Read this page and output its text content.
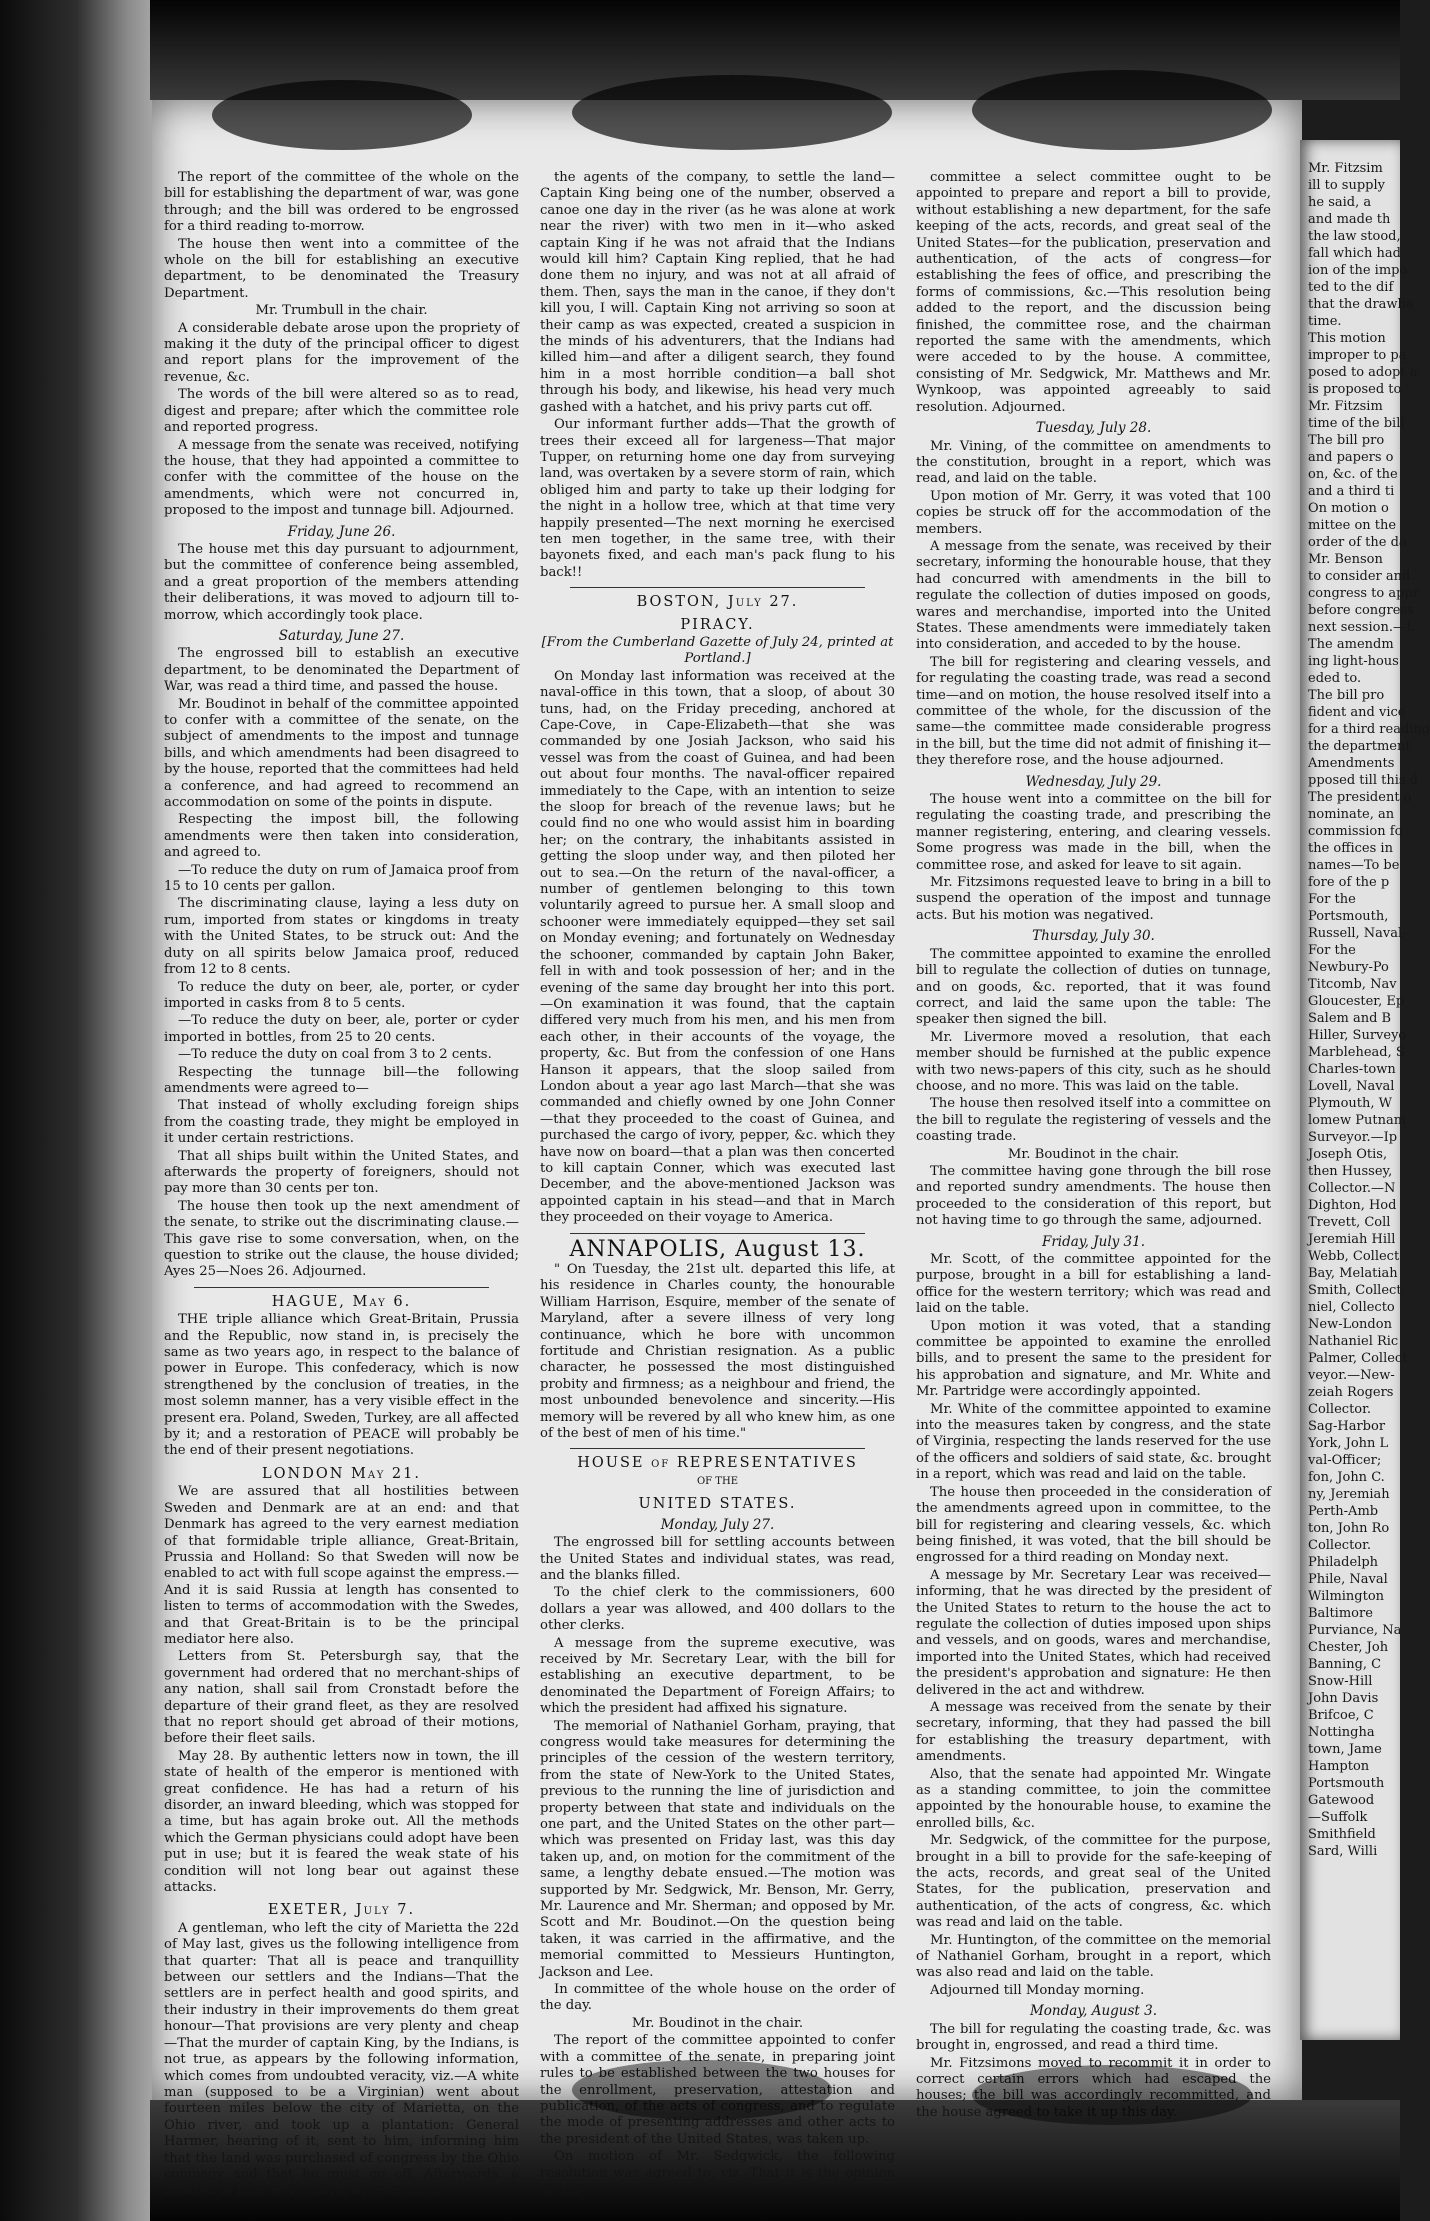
The report of the committee of the whole on the bill for establishing the department of war, was gone through; and the bill was ordered to be engrossed for a third reading to-morrow.

The house then went into a committee of the whole on the bill for establishing an executive department, to be denominated the Treasury Department.

Mr. Trumbull in the chair.

A considerable debate arose upon the propriety of making it the duty of the principal officer to digest and report plans for the improvement of the revenue, &c.

The words of the bill were altered so as to read, digest and prepare; after which the committee role and reported progress.

A message from the senate was received, notifying the house, that they had appointed a committee to confer with the committee of the house on the amendments, which were not concurred in, proposed to the impost and tunnage bill. Adjourned.

Friday, June 26.

The house met this day pursuant to adjournment, but the committee of conference being assembled, and a great proportion of the members attending their deliberations, it was moved to adjourn till to-morrow, which accordingly took place.

Saturday, June 27.

The engrossed bill to establish an executive department, to be denominated the Department of War, was read a third time, and passed the house.

Mr. Boudinot in behalf of the committee appointed to confer with a committee of the senate, on the subject of amendments to the impost and tunnage bills, and which amendments had been disagreed to by the house, reported that the committees had held a conference, and had agreed to recommend an accommodation on some of the points in dispute.

Respecting the impost bill, the following amendments were then taken into consideration, and agreed to.

—To reduce the duty on rum of Jamaica proof from 15 to 10 cents per gallon.

The discriminating clause, laying a less duty on rum, imported from states or kingdoms in treaty with the United States, to be struck out: And the duty on all spirits below Jamaica proof, reduced from 12 to 8 cents.

To reduce the duty on beer, ale, porter, or cyder imported in casks from 8 to 5 cents.

—To reduce the duty on beer, ale, porter or cyder imported in bottles, from 25 to 20 cents.

—To reduce the duty on coal from 3 to 2 cents.

Respecting the tunnage bill—the following amendments were agreed to—

That instead of wholly excluding foreign ships from the coasting trade, they might be employed in it under certain restrictions.

That all ships built within the United States, and afterwards the property of foreigners, should not pay more than 30 cents per ton.

The house then took up the next amendment of the senate, to strike out the discriminating clause.—This gave rise to some conversation, when, on the question to strike out the clause, the house divided; Ayes 25—Noes 26. Adjourned.

HAGUE, May 6.

THE triple alliance which Great-Britain, Prussia and the Republic, now stand in, is precisely the same as two years ago, in respect to the balance of power in Europe. This confederacy, which is now strengthened by the conclusion of treaties, in the most solemn manner, has a very visible effect in the present era. Poland, Sweden, Turkey, are all affected by it; and a restoration of PEACE will probably be the end of their present negotiations.

LONDON May 21.

We are assured that all hostilities between Sweden and Denmark are at an end: and that Denmark has agreed to the very earnest mediation of that formidable triple alliance, Great-Britain, Prussia and Holland: So that Sweden will now be enabled to act with full scope against the empress.—And it is said Russia at length has consented to listen to terms of accommodation with the Swedes, and that Great-Britain is to be the principal mediator here also.

Letters from St. Petersburgh say, that the government had ordered that no merchant-ships of any nation, shall sail from Cronstadt before the departure of their grand fleet, as they are resolved that no report should get abroad of their motions, before their fleet sails.

May 28. By authentic letters now in town, the ill state of health of the emperor is mentioned with great confidence. He has had a return of his disorder, an inward bleeding, which was stopped for a time, but has again broke out. All the methods which the German physicians could adopt have been put in use; but it is feared the weak state of his condition will not long bear out against these attacks.

EXETER, July 7.

A gentleman, who left the city of Marietta the 22d of May last, gives us the following intelligence from that quarter: That all is peace and tranquillity between our settlers and the Indians—That the settlers are in perfect health and good spirits, and their industry in their improvements do them great honour—That provisions are very plenty and cheap—That the murder of captain King, by the Indians, is not true, as appears by the following information, which comes from undoubted veracity, viz.—A white man (supposed to be a Virginian) went about fourteen miles below the city of Marietta, on the Ohio river, and took up a plantation: General Harmer, hearing of it, sent to him, informing him that the land was purchased of congress by the Ohio company and that he must go off. Afterwards, a number of men went down, by consent of

the agents of the company, to settle the land—Captain King being one of the number, observed a canoe one day in the river (as he was alone at work near the river) with two men in it—who asked captain King if he was not afraid that the Indians would kill him? Captain King replied, that he had done them no injury, and was not at all afraid of them. Then, says the man in the canoe, if they don't kill you, I will. Captain King not arriving so soon at their camp as was expected, created a suspicion in the minds of his adventurers, that the Indians had killed him—and after a diligent search, they found him in a most horrible condition—a ball shot through his body, and likewise, his head very much gashed with a hatchet, and his privy parts cut off.

Our informant further adds—That the growth of trees their exceed all for largeness—That major Tupper, on returning home one day from surveying land, was overtaken by a severe storm of rain, which obliged him and party to take up their lodging for the night in a hollow tree, which at that time very happily presented—The next morning he exercised ten men together, in the same tree, with their bayonets fixed, and each man's pack flung to his back!!

BOSTON, July 27.
PIRACY.

[From the Cumberland Gazette of July 24, printed at Portland.]

On Monday last information was received at the naval-office in this town, that a sloop, of about 30 tuns, had, on the Friday preceding, anchored at Cape-Cove, in Cape-Elizabeth—that she was commanded by one Josiah Jackson, who said his vessel was from the coast of Guinea, and had been out about four months. The naval-officer repaired immediately to the Cape, with an intention to seize the sloop for breach of the revenue laws; but he could find no one who would assist him in boarding her; on the contrary, the inhabitants assisted in getting the sloop under way, and then piloted her out to sea.—On the return of the naval-officer, a number of gentlemen belonging to this town voluntarily agreed to pursue her. A small sloop and schooner were immediately equipped—they set sail on Monday evening; and fortunately on Wednesday the schooner, commanded by captain John Baker, fell in with and took possession of her; and in the evening of the same day brought her into this port.—On examination it was found, that the captain differed very much from his men, and his men from each other, in their accounts of the voyage, the property, &c. But from the confession of one Hans Hanson it appears, that the sloop sailed from London about a year ago last March—that she was commanded and chiefly owned by one John Conner—that they proceeded to the coast of Guinea, and purchased the cargo of ivory, pepper, &c. which they have now on board—that a plan was then concerted to kill captain Conner, which was executed last December, and the above-mentioned Jackson was appointed captain in his stead—and that in March they proceeded on their voyage to America.

ANNAPOLIS, August 13.

" On Tuesday, the 21st ult. departed this life, at his residence in Charles county, the honourable William Harrison, Esquire, member of the senate of Maryland, after a severe illness of very long continuance, which he bore with uncommon fortitude and Christian resignation. As a public character, he possessed the most distinguished probity and firmness; as a neighbour and friend, the most unbounded benevolence and sincerity.—His memory will be revered by all who knew him, as one of the best of men of his time."

HOUSE of REPRESENTATIVES

OF THE

UNITED STATES.
Monday, July 27.

The engrossed bill for settling accounts between the United States and individual states, was read, and the blanks filled.

To the chief clerk to the commissioners, 600 dollars a year was allowed, and 400 dollars to the other clerks.

A message from the supreme executive, was received by Mr. Secretary Lear, with the bill for establishing an executive department, to be denominated the Department of Foreign Affairs; to which the president had affixed his signature.

The memorial of Nathaniel Gorham, praying, that congress would take measures for determining the principles of the cession of the western territory, from the state of New-York to the United States, previous to the running the line of jurisdiction and property between that state and individuals on the one part, and the United States on the other part—which was presented on Friday last, was this day taken up, and, on motion for the commitment of the same, a lengthy debate ensued.—The motion was supported by Mr. Sedgwick, Mr. Benson, Mr. Gerry, Mr. Laurence and Mr. Sherman; and opposed by Mr. Scott and Mr. Boudinot.—On the question being taken, it was carried in the affirmative, and the memorial committed to Messieurs Huntington, Jackson and Lee.

In committee of the whole house on the order of the day.

Mr. Boudinot in the chair.

The report of the committee appointed to confer with a committee of the senate, in preparing joint rules to be established between the two houses for the enrollment, preservation, attestation and publication, of the acts of congress, and to regulate the mode of presenting addresses and other acts to the president of the United States, was taken up.

On motion of Mr. Sedgwick, the following resolution was agreed to, viz. That it is the opinion of this

committee a select committee ought to be appointed to prepare and report a bill to provide, without establishing a new department, for the safe keeping of the acts, records, and great seal of the United States—for the publication, preservation and authentication, of the acts of congress—for establishing the fees of office, and prescribing the forms of commissions, &c.—This resolution being added to the report, and the discussion being finished, the committee rose, and the chairman reported the same with the amendments, which were acceded to by the house. A committee, consisting of Mr. Sedgwick, Mr. Matthews and Mr. Wynkoop, was appointed agreeably to said resolution. Adjourned.

Tuesday, July 28.

Mr. Vining, of the committee on amendments to the constitution, brought in a report, which was read, and laid on the table.

Upon motion of Mr. Gerry, it was voted that 100 copies be struck off for the accommodation of the members.

A message from the senate, was received by their secretary, informing the honourable house, that they had concurred with amendments in the bill to regulate the collection of duties imposed on goods, wares and merchandise, imported into the United States. These amendments were immediately taken into consideration, and acceded to by the house.

The bill for registering and clearing vessels, and for regulating the coasting trade, was read a second time—and on motion, the house resolved itself into a committee of the whole, for the discussion of the same—the committee made considerable progress in the bill, but the time did not admit of finishing it—they therefore rose, and the house adjourned.

Wednesday, July 29.

The house went into a committee on the bill for regulating the coasting trade, and prescribing the manner registering, entering, and clearing vessels. Some progress was made in the bill, when the committee rose, and asked for leave to sit again.

Mr. Fitzsimons requested leave to bring in a bill to suspend the operation of the impost and tunnage acts. But his motion was negatived.

Thursday, July 30.

The committee appointed to examine the enrolled bill to regulate the collection of duties on tunnage, and on goods, &c. reported, that it was found correct, and laid the same upon the table: The speaker then signed the bill.

Mr. Livermore moved a resolution, that each member should be furnished at the public expence with two news-papers of this city, such as he should choose, and no more. This was laid on the table.

The house then resolved itself into a committee on the bill to regulate the registering of vessels and the coasting trade.

Mr. Boudinot in the chair.

The committee having gone through the bill rose and reported sundry amendments. The house then proceeded to the consideration of this report, but not having time to go through the same, adjourned.

Friday, July 31.

Mr. Scott, of the committee appointed for the purpose, brought in a bill for establishing a land-office for the western territory; which was read and laid on the table.

Upon motion it was voted, that a standing committee be appointed to examine the enrolled bills, and to present the same to the president for his approbation and signature, and Mr. White and Mr. Partridge were accordingly appointed.

Mr. White of the committee appointed to examine into the measures taken by congress, and the state of Virginia, respecting the lands reserved for the use of the officers and soldiers of said state, &c. brought in a report, which was read and laid on the table.

The house then proceeded in the consideration of the amendments agreed upon in committee, to the bill for registering and clearing vessels, &c. which being finished, it was voted, that the bill should be engrossed for a third reading on Monday next.

A message by Mr. Secretary Lear was received—informing, that he was directed by the president of the United States to return to the house the act to regulate the collection of duties imposed upon ships and vessels, and on goods, wares and merchandise, imported into the United States, which had received the president's approbation and signature: He then delivered in the act and withdrew.

A message was received from the senate by their secretary, informing, that they had passed the bill for establishing the treasury department, with amendments.

Also, that the senate had appointed Mr. Wingate as a standing committee, to join the committee appointed by the honourable house, to examine the enrolled bills, &c.

Mr. Sedgwick, of the committee for the purpose, brought in a bill to provide for the safe-keeping of the acts, records, and great seal of the United States, for the publication, preservation and authentication, of the acts of congress, &c. which was read and laid on the table.

Mr. Huntington, of the committee on the memorial of Nathaniel Gorham, brought in a report, which was also read and laid on the table.

Adjourned till Monday morning.

Monday, August 3.

The bill for regulating the coasting trade, &c. was brought in, engrossed, and read a third time.

Mr. Fitzsimons moved to recommit it in order to correct certain errors which had escaped the houses; the bill was accordingly recommitted, and the house agreed to take it up this day.

Mr. Fitzsim
ill to supply
he said, a
and made th
the law stood,
fall which had
ion of the impo
ted to the dif
that the drawba
time.
This motion
improper to pa
posed to adopt a
is proposed to
Mr. Fitzsim
time of the bill
The bill pro
and papers o
on, &c. of the
and a third ti
On motion o
mittee on the
order of the da
Mr. Benson
to consider and
congress to appr
before congress
next session.—L
The amendm
ing light-hous
eded to.
The bill pro
fident and vice
for a third reading
the department
Amendments
pposed till this d
The president o
nominate, an
commission fo
the offices in
names—To be
fore of the p
For the
Portsmouth,
Russell, Naval-
For the
Newbury-Po
Titcomb, Nav
Gloucester, Ep
Salem and B
Hiller, Surveyo
Marblehead, S
Charles-town
Lovell, Naval
Plymouth, W
lomew Putnam
Surveyor.—Ip
Joseph Otis,
then Hussey,
Collector.—N
Dighton, Hod
Trevett, Coll
Jeremiah Hill
Webb, Collect
Bay, Melatiah
Smith, Collect
niel, Collecto
New-London
Nathaniel Ric
Palmer, Collect
veyor.—New-
zeiah Rogers
Collector.
Sag-Harbor
York, John L
val-Officer;
fon, John C.
ny, Jeremiah
Perth-Amb
ton, John Ro
Collector.
Philadelph
Phile, Naval
Wilmington
Baltimore
Purviance, Na
Chester, Joh
Banning, C
Snow-Hill
John Davis
Brifcoe, C
Nottingha
town, Jame
Hampton
Portsmouth
Gatewood
—Suffolk
Smithfield
Sard, Willi
